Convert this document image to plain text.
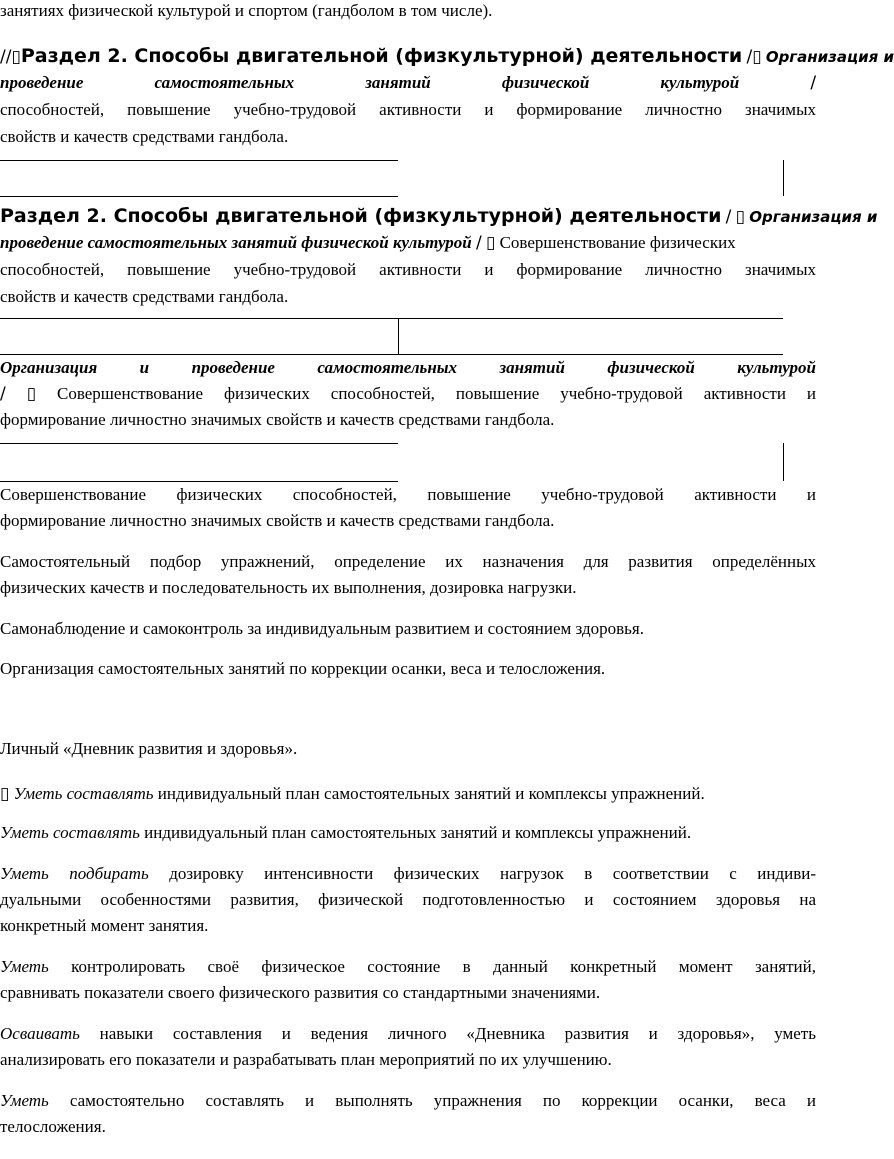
занятиях физической культурой и спортом (гандболом в том числе).

//▯Раздел 2. Способы двигательной (физкультурной) деятельности /▯ Организация и

проведение	самостоятельных	занятий	физической	культурой	/

способностей, повышение учебно-трудовой активности и формирование личностно значимых

свойств и качеств средствами гандбола.

Раздел 2. Способы двигательной (физкультурной) деятельности / ▯ Организация и

проведение самостоятельных занятий физической культурой / ▯ Совершенствование физических

способностей, повышение учебно-трудовой активности и формирование личностно значимых

свойств и качеств средствами гандбола.

Организация и проведение самостоятельных занятий физической культурой

/ ▯ Совершенствование физических способностей, повышение учебно-трудовой активности и

формирование личностно значимых свойств и качеств средствами гандбола.

Совершенствование физических способностей, повышение учебно-трудовой активности и

формирование личностно значимых свойств и качеств средствами гандбола.

Самостоятельный подбор упражнений, определение их назначения для развития определённых

физических качеств и последовательность их выполнения, дозировка нагрузки.

Самонаблюдение и самоконтроль за индивидуальным развитием и состоянием здоровья.

Организация самостоятельных занятий по коррекции осанки, веса и телосложения.

Личный «Дневник развития и здоровья».

▯ Уметь составлять индивидуальный план самостоятельных занятий и комплексы упражнений.

Уметь составлять индивидуальный план самостоятельных занятий и комплексы упражнений.

Уметь подбирать дозировку интенсивности физических нагрузок в соответствии с индиви-

дуальными особенностями развития, физической подготовленностью и состоянием здоровья на

конкретный момент занятия.

Уметь контролировать своё физическое состояние в данный конкретный момент занятий,

сравнивать показатели своего физического развития со стандартными значениями.

Осваивать навыки составления и ведения личного «Дневника развития и здоровья», уметь

анализировать его показатели и разрабатывать план мероприятий по их улучшению.

Уметь самостоятельно составлять и выполнять упражнения по коррекции осанки, веса и

телосложения.
